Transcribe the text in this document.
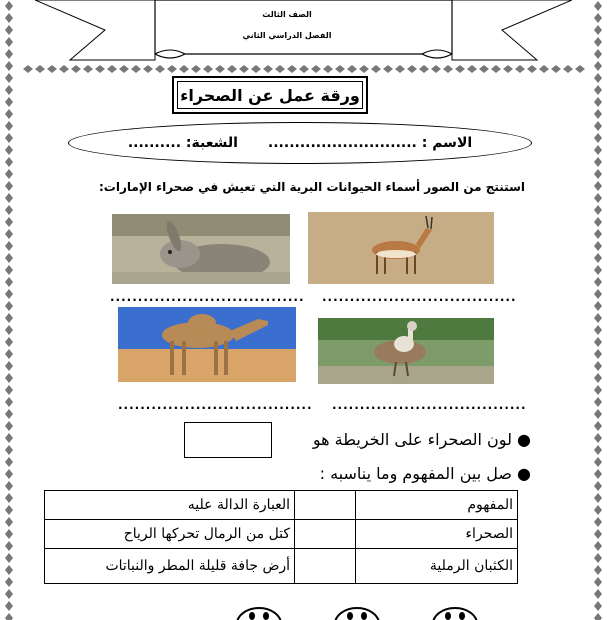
الصف الثالث
الفصل الدراسي الثاني
ورقة عمل عن الصحراء
الاسم : ............................
الشعبة: ..........
استنتج من الصور أسماء الحيوانات البرية التي تعيش في صحراء الإمارات:
................................... ...................................
................................... ...................................
● لون الصحراء على الخريطة هو
● صل بين المفهوم وما يناسبه :
المفهوم		العبارة الدالة عليه
الصحراء		كتل من الرمال تحركها الرياح
الكثبان الرملية		أرض جافة قليلة المطر والنباتات
